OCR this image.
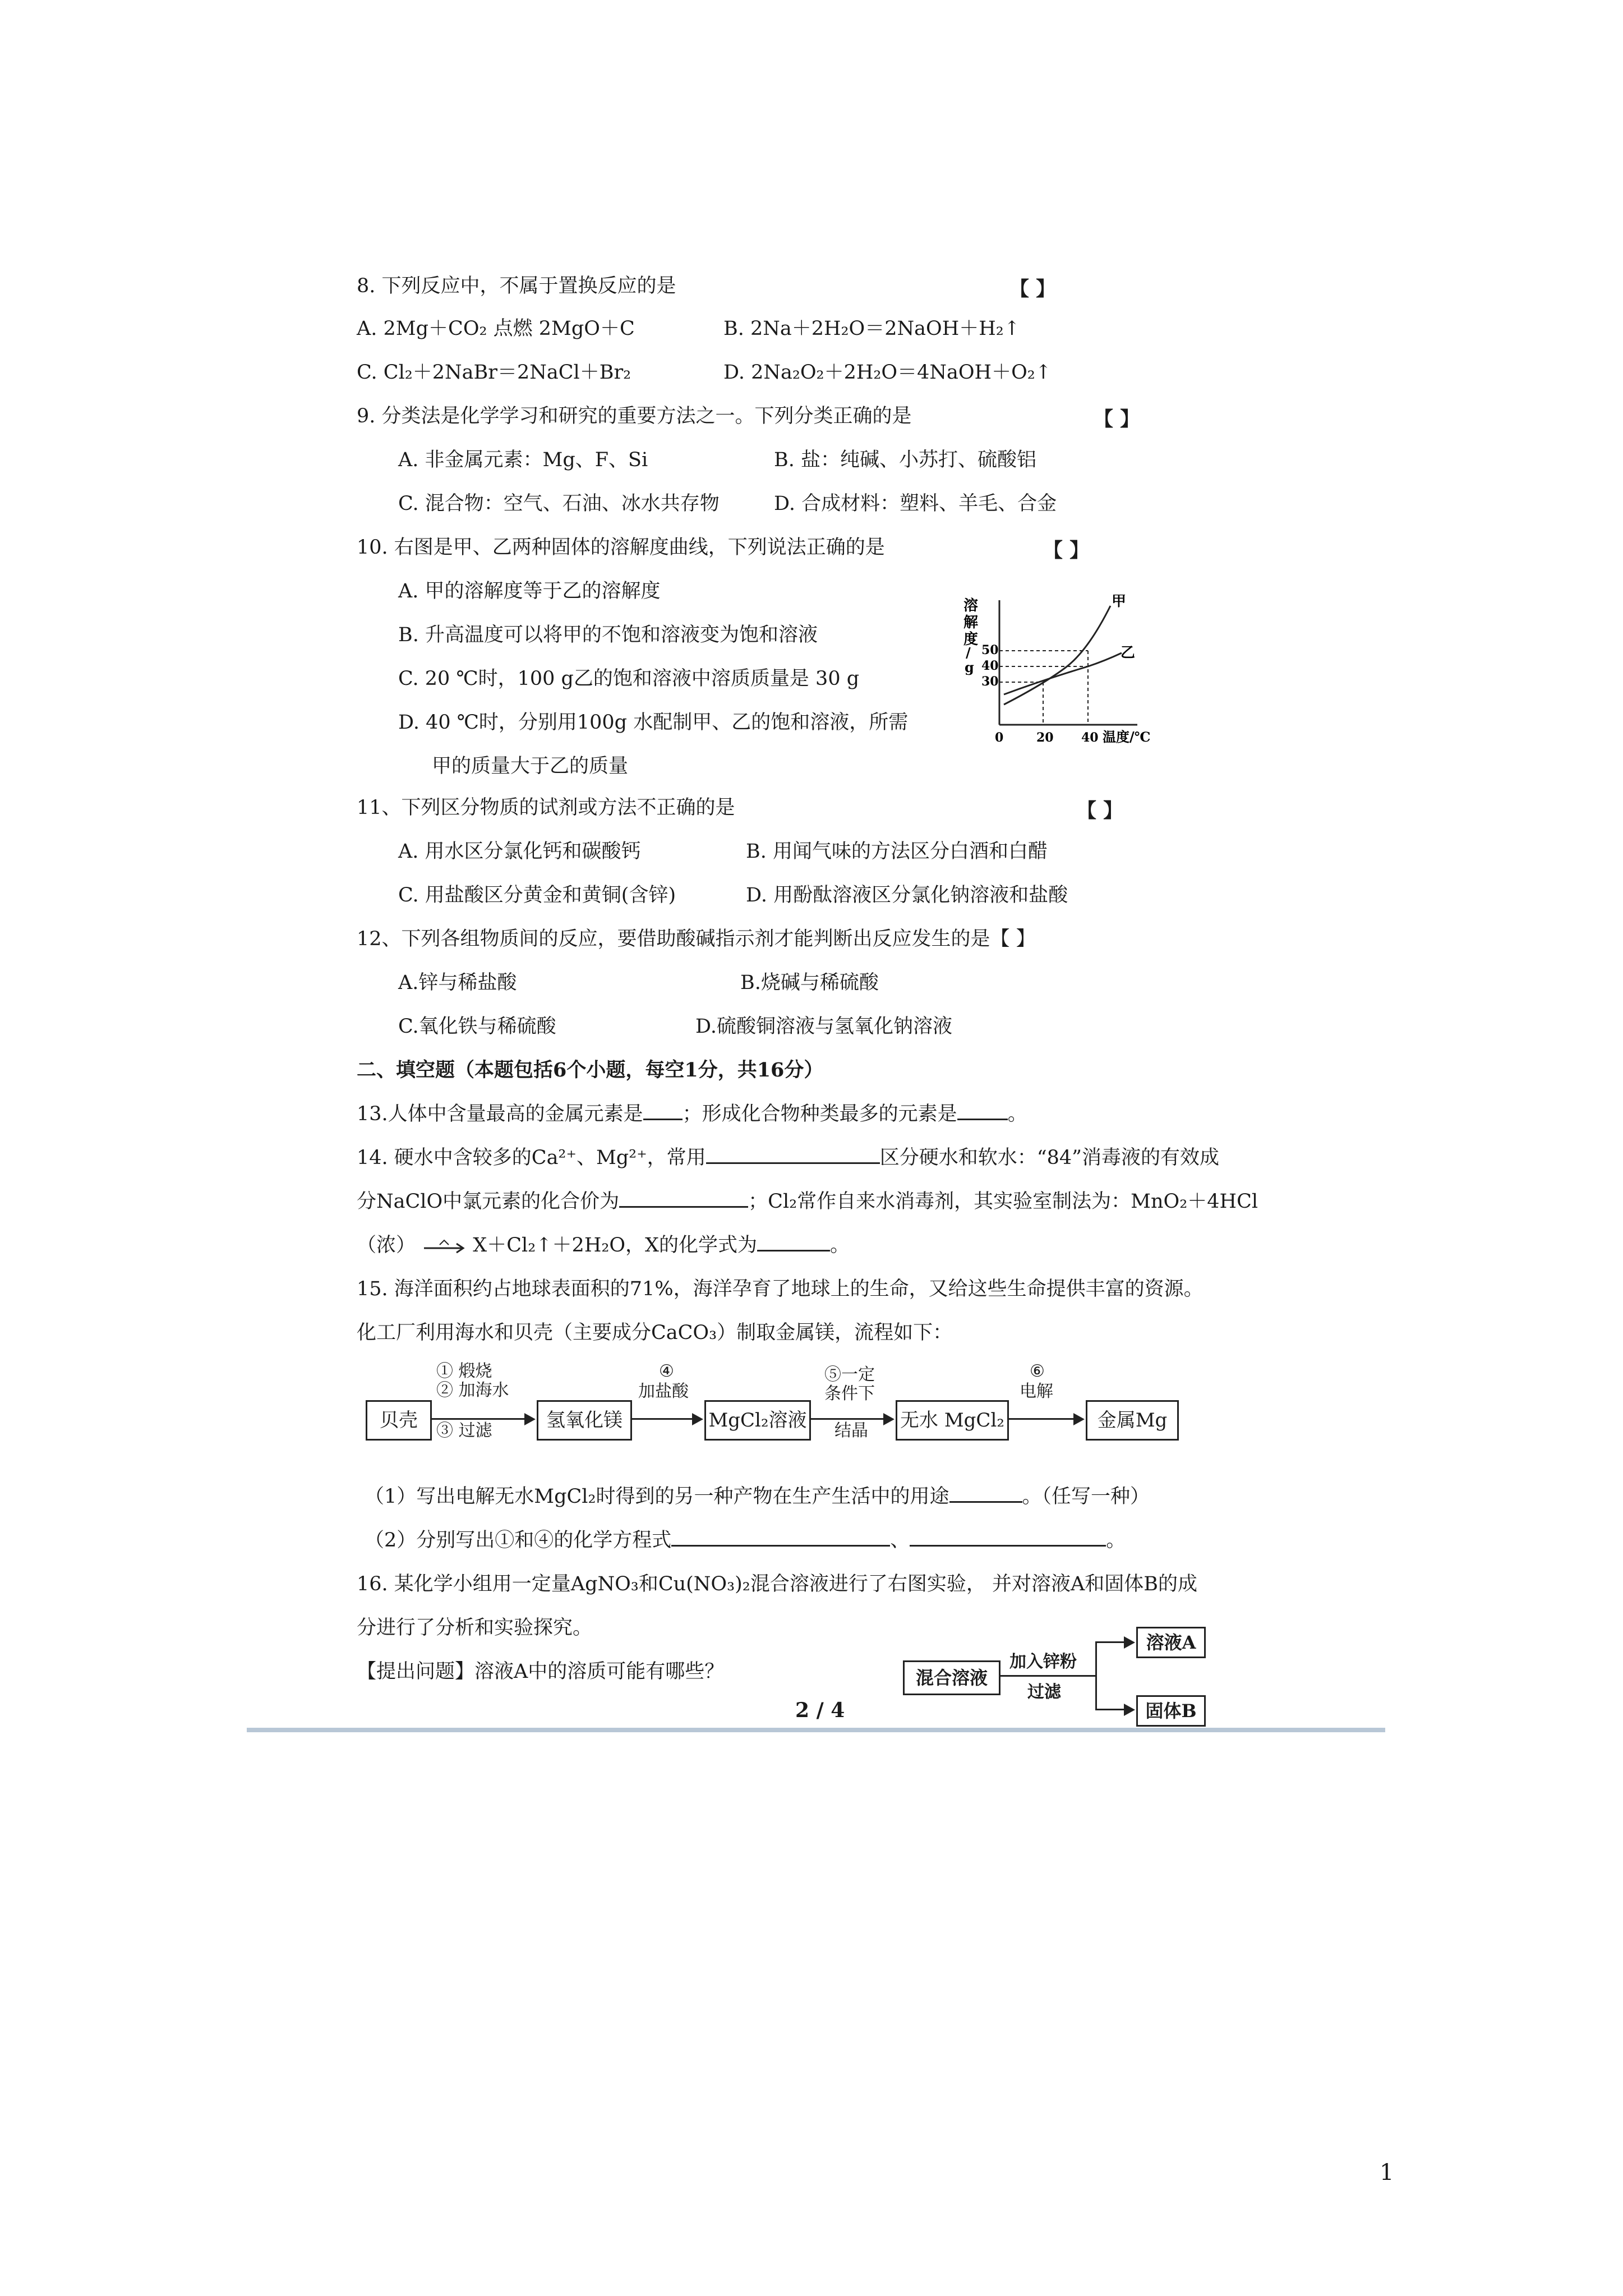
8. 下列反应中，不属于置换反应的是	【 】
A. 2Mg＋CO₂ 点燃 2MgO＋C	B. 2Na＋2H₂O＝2NaOH＋H₂↑
C. Cl₂＋2NaBr＝2NaCl＋Br₂	D. 2Na₂O₂＋2H₂O＝4NaOH＋O₂↑
9. 分类法是化学学习和研究的重要方法之一。下列分类正确的是	【 】
A. 非金属元素：Mg、F、Si	B. 盐：纯碱、小苏打、硫酸铝
C. 混合物：空气、石油、冰水共存物	D. 合成材料：塑料、羊毛、合金
10. 右图是甲、乙两种固体的溶解度曲线，下列说法正确的是	【 】
A. 甲的溶解度等于乙的溶解度
B. 升高温度可以将甲的不饱和溶液变为饱和溶液
C. 20 ℃时，100 g乙的饱和溶液中溶质质量是 30 g
D. 40 ℃时，分别用100g 水配制甲、乙的饱和溶液，所需
甲的质量大于乙的质量
溶
解
度
/
g
50
40
30
甲
乙
0	20 40 温度/℃
11、下列区分物质的试剂或方法不正确的是	【 】
A. 用水区分氯化钙和碳酸钙	B. 用闻气味的方法区分白酒和白醋
C. 用盐酸区分黄金和黄铜(含锌)	D. 用酚酞溶液区分氯化钠溶液和盐酸
12、下列各组物质间的反应，要借助酸碱指示剂才能判断出反应发生的是【 】
A.锌与稀盐酸	B.烧碱与稀硫酸
C.氧化铁与稀硫酸	D.硫酸铜溶液与氢氧化钠溶液
二、填空题（本题包括6个小题，每空1分，共16分）
13.人体中含量最高的金属元素是 ；形成化合物种类最多的元素是	。
14. 硬水中含较多的Ca²⁺、Mg²⁺，常用	区分硬水和软水：“84”消毒液的有效成
分NaClO中氯元素的化合价为	；Cl₂常作自来水消毒剂，其实验室制法为：MnO₂＋4HCl
（浓）	X＋Cl₂↑＋2H₂O，X的化学式为	。
15. 海洋面积约占地球表面积的71%，海洋孕育了地球上的生命，又给这些生命提供丰富的资源。
化工厂利用海水和贝壳（主要成分CaCO₃）制取金属镁，流程如下：
贝壳
① 煅烧
② 加海水
③ 过滤	氢氧化镁
④
加盐酸
MgCl₂溶液
⑤一定
条件下
结晶 无水 MgCl₂
⑥
电解
金属Mg
（1）写出电解无水MgCl₂时得到的另一种产物在生产生活中的用途	。（任写一种）
（2）分别写出①和④的化学方程式	、	。
16. 某化学小组用一定量AgNO₃和Cu(NO₃)₂混合溶液进行了右图实验， 并对溶液A和固体B的成
分进行了分析和实验探究。
【提出问题】溶液A中的溶质可能有哪些？	混合溶液
加入锌粉
过滤
溶液A
固体B
2 / 4
1
